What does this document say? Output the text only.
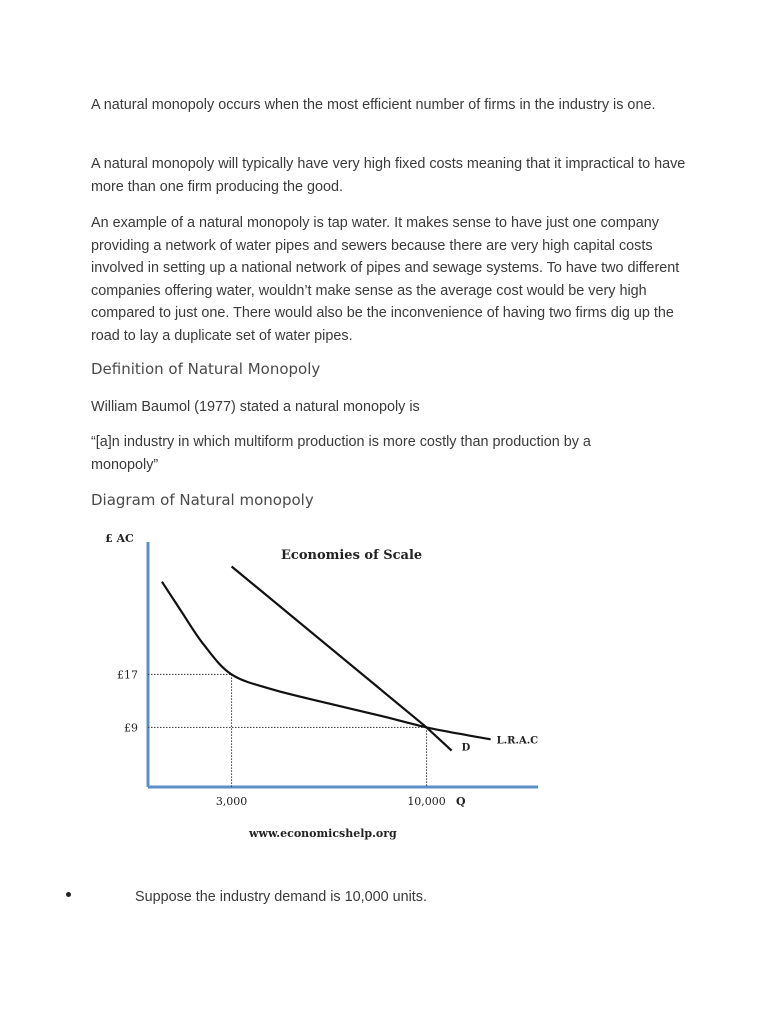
A natural monopoly occurs when the most efficient number of firms in the industry is one.

A natural monopoly will typically have very high fixed costs meaning that it impractical to have more than one firm producing the good.

An example of a natural monopoly is tap water. It makes sense to have just one company providing a network of water pipes and sewers because there are very high capital costs involved in setting up a national network of pipes and sewage systems. To have two different companies offering water, wouldn’t make sense as the average cost would be very high compared to just one. There would also be the inconvenience of having two firms dig up the road to lay a duplicate set of water pipes.

Definition of Natural Monopoly

William Baumol (1977) stated a natural monopoly is

“[a]n industry in which multiform production is more costly than production by a monopoly”

Diagram of Natural monopoly
£ AC
Economies of Scale
Q
www.economicshelp.org
£17
£9
3,000	10,000
L.R.A.C
D
Suppose the industry demand is 10,000 units.
